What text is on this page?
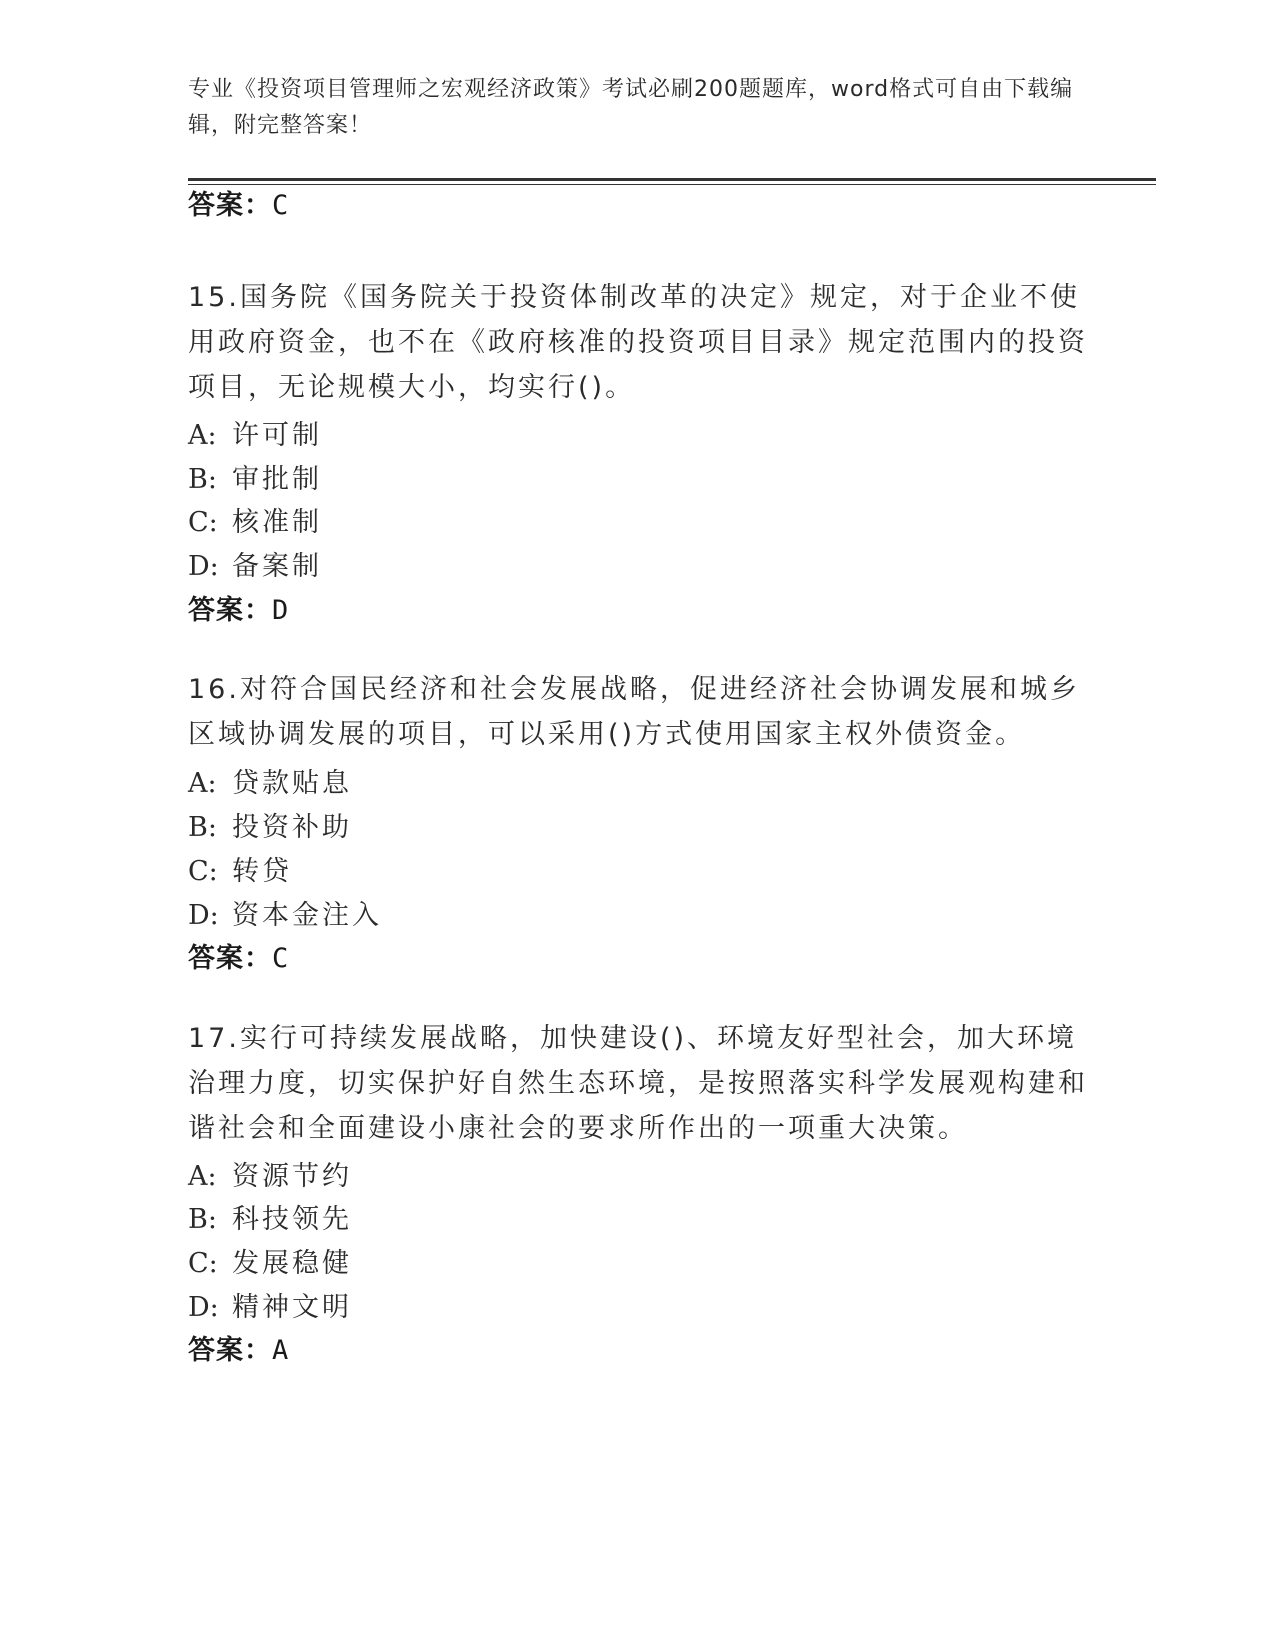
专业《投资项目管理师之宏观经济政策》考试必刷200题题库，word格式可自由下载编辑，附完整答案！
答案：C
15.国务院《国务院关于投资体制改革的决定》规定，对于企业不使用政府资金，也不在《政府核准的投资项目目录》规定范围内的投资项目，无论规模大小，均实行()。
A: 许可制
B: 审批制
C: 核准制
D: 备案制
答案：D
16.对符合国民经济和社会发展战略，促进经济社会协调发展和城乡区域协调发展的项目，可以采用()方式使用国家主权外债资金。
A: 贷款贴息
B: 投资补助
C: 转贷
D: 资本金注入
答案：C
17.实行可持续发展战略，加快建设()、环境友好型社会，加大环境治理力度，切实保护好自然生态环境，是按照落实科学发展观构建和谐社会和全面建设小康社会的要求所作出的一项重大决策。
A: 资源节约
B: 科技领先
C: 发展稳健
D: 精神文明
答案：A
